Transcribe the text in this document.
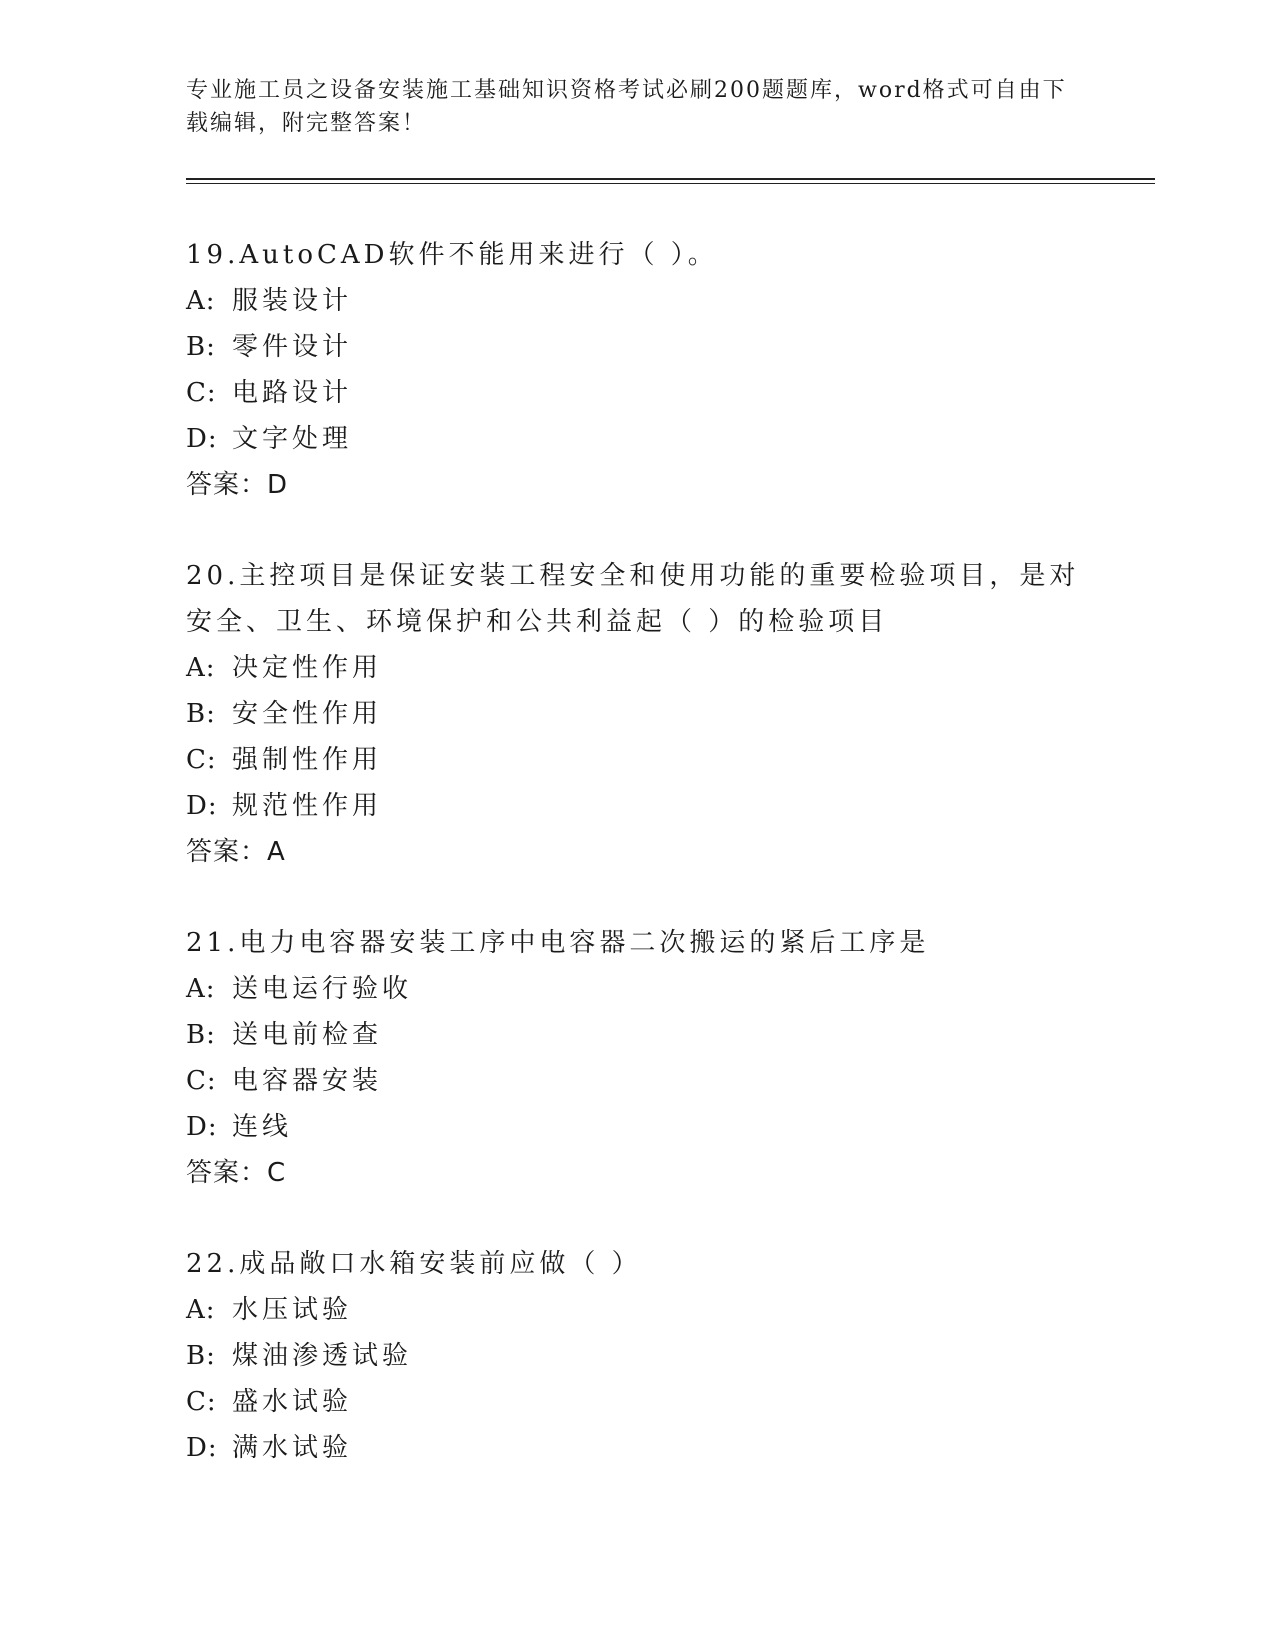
专业施工员之设备安装施工基础知识资格考试必刷200题题库，word格式可自由下载编辑，附完整答案！
19.AutoCAD软件不能用来进行（ ）。
A: 服装设计
B: 零件设计
C: 电路设计
D: 文字处理
答案：D
20.主控项目是保证安装工程安全和使用功能的重要检验项目，是对安全、卫生、环境保护和公共利益起（ ）的检验项目
A: 决定性作用
B: 安全性作用
C: 强制性作用
D: 规范性作用
答案：A
21.电力电容器安装工序中电容器二次搬运的紧后工序是
A: 送电运行验收
B: 送电前检查
C: 电容器安装
D: 连线
答案：C
22.成品敞口水箱安装前应做（ ）
A: 水压试验
B: 煤油渗透试验
C: 盛水试验
D: 满水试验
